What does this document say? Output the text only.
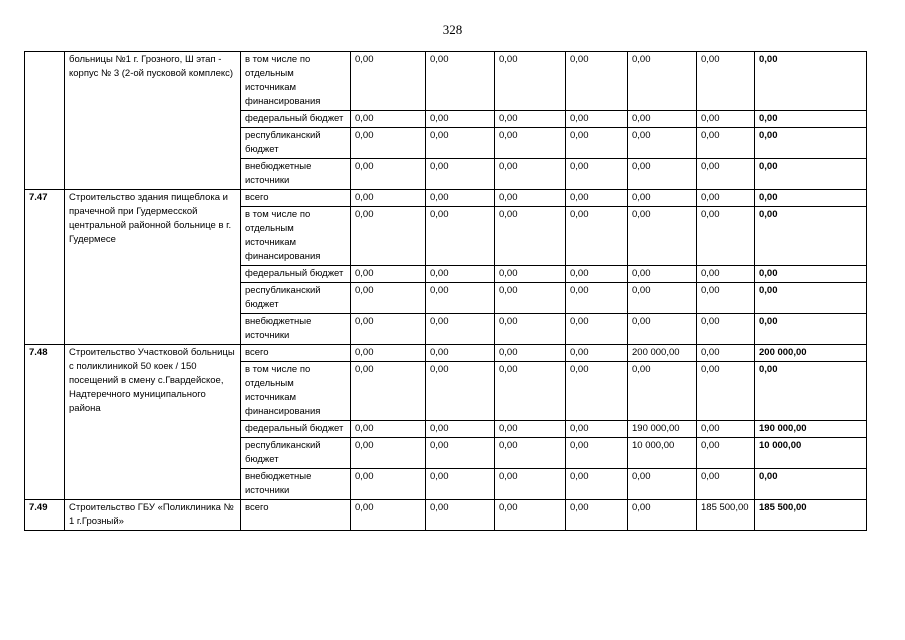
328
	больницы №1 г. Грозного, Ш этап - корпус № 3 (2-ой пусковой комплекс)	в том числе по отдельным источникам финансирования	0,00	0,00	0,00	0,00	0,00	0,00	0,00
		федеральный бюджет	0,00	0,00	0,00	0,00	0,00	0,00	0,00
		республиканский бюджет	0,00	0,00	0,00	0,00	0,00	0,00	0,00
		внебюджетные источники	0,00	0,00	0,00	0,00	0,00	0,00	0,00
7.47	Строительство здания пищеблока и прачечной при Гудермесской центральной районной больнице в г. Гудермесе	всего	0,00	0,00	0,00	0,00	0,00	0,00	0,00
		в том числе по отдельным источникам финансирования	0,00	0,00	0,00	0,00	0,00	0,00	0,00
		федеральный бюджет	0,00	0,00	0,00	0,00	0,00	0,00	0,00
		республиканский бюджет	0,00	0,00	0,00	0,00	0,00	0,00	0,00
		внебюджетные источники	0,00	0,00	0,00	0,00	0,00	0,00	0,00
7.48	Строительство Участковой больницы с поликлиникой 50 коек / 150 посещений в смену с.Гвардейское, Надтеречного муниципального района	всего	0,00	0,00	0,00	0,00	200 000,00	0,00	200 000,00
		в том числе по отдельным источникам финансирования	0,00	0,00	0,00	0,00	0,00	0,00	0,00
		федеральный бюджет	0,00	0,00	0,00	0,00	190 000,00	0,00	190 000,00
		республиканский бюджет	0,00	0,00	0,00	0,00	10 000,00	0,00	10 000,00
		внебюджетные источники	0,00	0,00	0,00	0,00	0,00	0,00	0,00
7.49	Строительство ГБУ «Поликлиника № 1 г.Грозный»	всего	0,00	0,00	0,00	0,00	0,00	185 500,00	185 500,00
